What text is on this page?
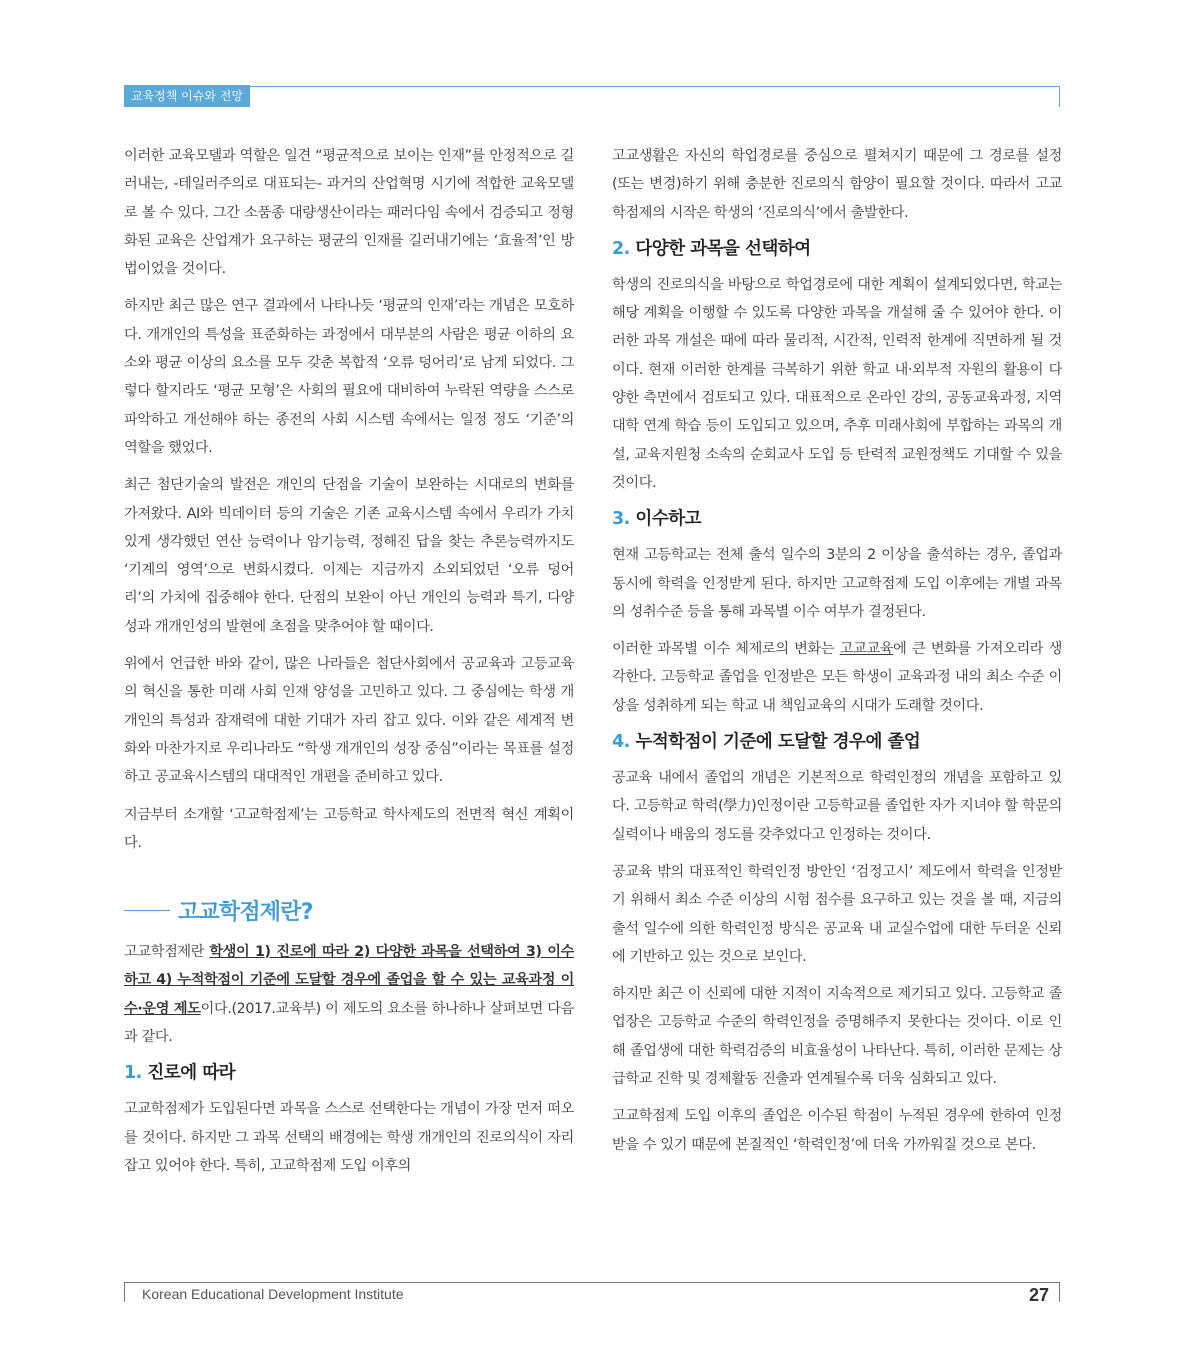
교육정책 이슈와 전망

이러한 교육모델과 역할은 일견 “평균적으로 보이는 인재”를 안정적으로 길러내는, -테일러주의로 대표되는- 과거의 산업혁명 시기에 적합한 교육모델로 볼 수 있다. 그간 소품종 대량생산이라는 패러다임 속에서 검증되고 정형화된 교육은 산업계가 요구하는 평균의 인재를 길러내기에는 ‘효율적’인 방법이었을 것이다.

하지만 최근 많은 연구 결과에서 나타나듯 ‘평균의 인재’라는 개념은 모호하다. 개개인의 특성을 표준화하는 과정에서 대부분의 사람은 평균 이하의 요소와 평균 이상의 요소를 모두 갖춘 복합적 ‘오류 덩어리’로 남게 되었다. 그렇다 할지라도 ‘평균 모형’은 사회의 필요에 대비하여 누락된 역량을 스스로 파악하고 개선해야 하는 종전의 사회 시스템 속에서는 일정 정도 ‘기준’의 역할을 했었다.

최근 첨단기술의 발전은 개인의 단점을 기술이 보완하는 시대로의 변화를 가져왔다. AI와 빅데이터 등의 기술은 기존 교육시스템 속에서 우리가 가치 있게 생각했던 연산 능력이나 암기능력, 정해진 답을 찾는 추론능력까지도 ‘기계의 영역’으로 변화시켰다. 이제는 지금까지 소외되었던 ‘오류 덩어리’의 가치에 집중해야 한다. 단점의 보완이 아닌 개인의 능력과 특기, 다양성과 개개인성의 발현에 초점을 맞추어야 할 때이다.

위에서 언급한 바와 같이, 많은 나라들은 첨단사회에서 공교육과 고등교육의 혁신을 통한 미래 사회 인재 양성을 고민하고 있다. 그 중심에는 학생 개개인의 특성과 잠재력에 대한 기대가 자리 잡고 있다. 이와 같은 세계적 변화와 마찬가지로 우리나라도 “학생 개개인의 성장 중심”이라는 목표를 설정하고 공교육시스템의 대대적인 개편을 준비하고 있다.

지금부터 소개할 ‘고교학점제’는 고등학교 학사제도의 전면적 혁신 계획이다.

고교학점제란?

고교학점제란 학생이 1) 진로에 따라 2) 다양한 과목을 선택하여 3) 이수하고 4) 누적학점이 기준에 도달할 경우에 졸업을 할 수 있는 교육과정 이수·운영 제도이다.(2017.교육부) 이 제도의 요소를 하나하나 살펴보면 다음과 같다.

1. 진로에 따라

고교학점제가 도입된다면 과목을 스스로 선택한다는 개념이 가장 먼저 떠오를 것이다. 하지만 그 과목 선택의 배경에는 학생 개개인의 진로의식이 자리 잡고 있어야 한다. 특히, 고교학점제 도입 이후의

고교생활은 자신의 학업경로를 중심으로 펼쳐지기 때문에 그 경로를 설정(또는 변경)하기 위해 충분한 진로의식 함양이 필요할 것이다. 따라서 고교학점제의 시작은 학생의 ‘진로의식’에서 출발한다.

2. 다양한 과목을 선택하여

학생의 진로의식을 바탕으로 학업경로에 대한 계획이 설계되었다면, 학교는 해당 계획을 이행할 수 있도록 다양한 과목을 개설해 줄 수 있어야 한다. 이러한 과목 개설은 때에 따라 물리적, 시간적, 인력적 한계에 직면하게 될 것이다. 현재 이러한 한계를 극복하기 위한 학교 내·외부적 자원의 활용이 다양한 측면에서 검토되고 있다. 대표적으로 온라인 강의, 공동교육과정, 지역대학 연계 학습 등이 도입되고 있으며, 추후 미래사회에 부합하는 과목의 개설, 교육지원청 소속의 순회교사 도입 등 탄력적 교원정책도 기대할 수 있을 것이다.

3. 이수하고

현재 고등학교는 전체 출석 일수의 3분의 2 이상을 출석하는 경우, 졸업과 동시에 학력을 인정받게 된다. 하지만 고교학점제 도입 이후에는 개별 과목의 성취수준 등을 통해 과목별 이수 여부가 결정된다.

이러한 과목별 이수 체제로의 변화는 고교교육에 큰 변화를 가져오리라 생각한다. 고등학교 졸업을 인정받은 모든 학생이 교육과정 내의 최소 수준 이상을 성취하게 되는 학교 내 책임교육의 시대가 도래할 것이다.

4. 누적학점이 기준에 도달할 경우에 졸업

공교육 내에서 졸업의 개념은 기본적으로 학력인정의 개념을 포함하고 있다. 고등학교 학력(學力)인정이란 고등학교를 졸업한 자가 지녀야 할 학문의 실력이나 배움의 정도를 갖추었다고 인정하는 것이다.

공교육 밖의 대표적인 학력인정 방안인 ‘검정고시’ 제도에서 학력을 인정받기 위해서 최소 수준 이상의 시험 점수를 요구하고 있는 것을 볼 때, 지금의 출석 일수에 의한 학력인정 방식은 공교육 내 교실수업에 대한 두터운 신뢰에 기반하고 있는 것으로 보인다.

하지만 최근 이 신뢰에 대한 지적이 지속적으로 제기되고 있다. 고등학교 졸업장은 고등학교 수준의 학력인정을 증명해주지 못한다는 것이다. 이로 인해 졸업생에 대한 학력검증의 비효율성이 나타난다. 특히, 이러한 문제는 상급학교 진학 및 경제활동 진출과 연계될수록 더욱 심화되고 있다.

고교학점제 도입 이후의 졸업은 이수된 학점이 누적된 경우에 한하여 인정받을 수 있기 때문에 본질적인 ‘학력인정’에 더욱 가까워질 것으로 본다.

Korean Educational Development Institute	27
